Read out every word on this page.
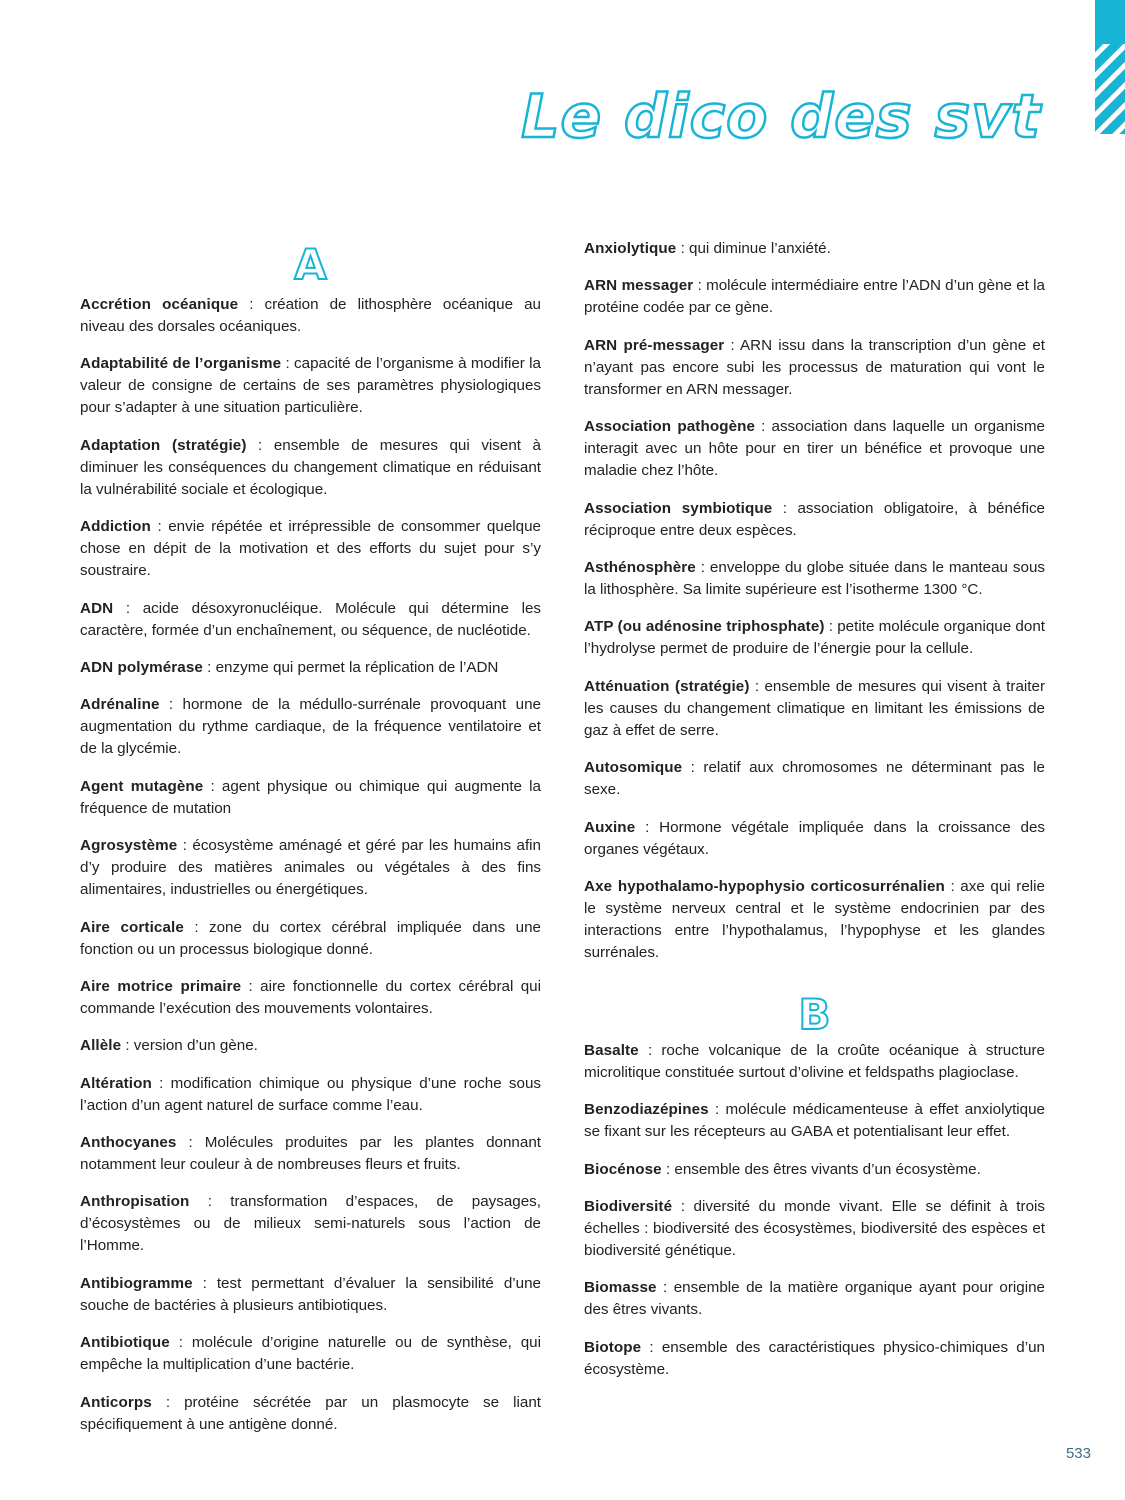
Le dico des svt
A

Accrétion océanique : création de lithosphère océanique au niveau des dorsales océaniques.

Adaptabilité de l’organisme : capacité de l’organisme à modifier la valeur de consigne de certains de ses paramètres physiologiques pour s’adapter à une situation particulière.

Adaptation (stratégie) : ensemble de mesures qui visent à diminuer les conséquences du changement climatique en réduisant la vulnérabilité sociale et écologique.

Addiction : envie répétée et irrépressible de consommer quelque chose en dépit de la motivation et des efforts du sujet pour s’y soustraire.

ADN : acide désoxyronucléique. Molécule qui détermine les caractère, formée d’un enchaînement, ou séquence, de nucléotide.

ADN polymérase : enzyme qui permet la réplication de l’ADN

Adrénaline : hormone de la médullo-surrénale provoquant une augmentation du rythme cardiaque, de la fréquence ventilatoire et de la glycémie.

Agent mutagène : agent physique ou chimique qui augmente la fréquence de mutation

Agrosystème : écosystème aménagé et géré par les humains afin d’y produire des matières animales ou végétales à des fins alimentaires, industrielles ou énergétiques.

Aire corticale : zone du cortex cérébral impliquée dans une fonction ou un processus biologique donné.

Aire motrice primaire : aire fonctionnelle du cortex cérébral qui commande l’exécution des mouvements volontaires.

Allèle : version d’un gène.

Altération : modification chimique ou physique d’une roche sous l’action d’un agent naturel de surface comme l’eau.

Anthocyanes : Molécules produites par les plantes donnant notamment leur couleur à de nombreuses fleurs et fruits.

Anthropisation : transformation d’espaces, de paysages, d’écosystèmes ou de milieux semi-naturels sous l’action de l’Homme.

Antibiogramme : test permettant d’évaluer la sensibilité d’une souche de bactéries à plusieurs antibiotiques.

Antibiotique : molécule d’origine naturelle ou de synthèse, qui empêche la multiplication d’une bactérie.

Anticorps : protéine sécrétée par un plasmocyte se liant spécifiquement à une antigène donné.

Anxiolytique : qui diminue l’anxiété.

ARN messager : molécule intermédiaire entre l’ADN d’un gène et la protéine codée par ce gène.

ARN pré-messager : ARN issu dans la transcription d’un gène et n’ayant pas encore subi les processus de maturation qui vont le transformer en ARN messager.

Association pathogène : association dans laquelle un organisme interagit avec un hôte pour en tirer un bénéfice et provoque une maladie chez l’hôte.

Association symbiotique : association obligatoire, à bénéfice réciproque entre deux espèces.

Asthénosphère : enveloppe du globe située dans le manteau sous la lithosphère. Sa limite supérieure est l’isotherme 1300 °C.

ATP (ou adénosine triphosphate) : petite molécule organique dont l’hydrolyse permet de produire de l’énergie pour la cellule.

Atténuation (stratégie) : ensemble de mesures qui visent à traiter les causes du changement climatique en limitant les émissions de gaz à effet de serre.

Autosomique : relatif aux chromosomes ne déterminant pas le sexe.

Auxine : Hormone végétale impliquée dans la croissance des organes végétaux.

Axe hypothalamo-hypophysio corticosurrénalien : axe qui relie le système nerveux central et le système endocrinien par des interactions entre l’hypothalamus, l’hypophyse et les glandes surrénales.

B

Basalte : roche volcanique de la croûte océanique à structure microlitique constituée surtout d’olivine et feldspaths plagioclase.

Benzodiazépines : molécule médicamenteuse à effet anxiolytique se fixant sur les récepteurs au GABA et potentialisant leur effet.

Biocénose : ensemble des êtres vivants d’un écosystème.

Biodiversité : diversité du monde vivant. Elle se définit à trois échelles : biodiversité des écosystèmes, biodiversité des espèces et biodiversité génétique.

Biomasse : ensemble de la matière organique ayant pour origine des êtres vivants.

Biotope : ensemble des caractéristiques physico-chimiques d’un écosystème.

533
